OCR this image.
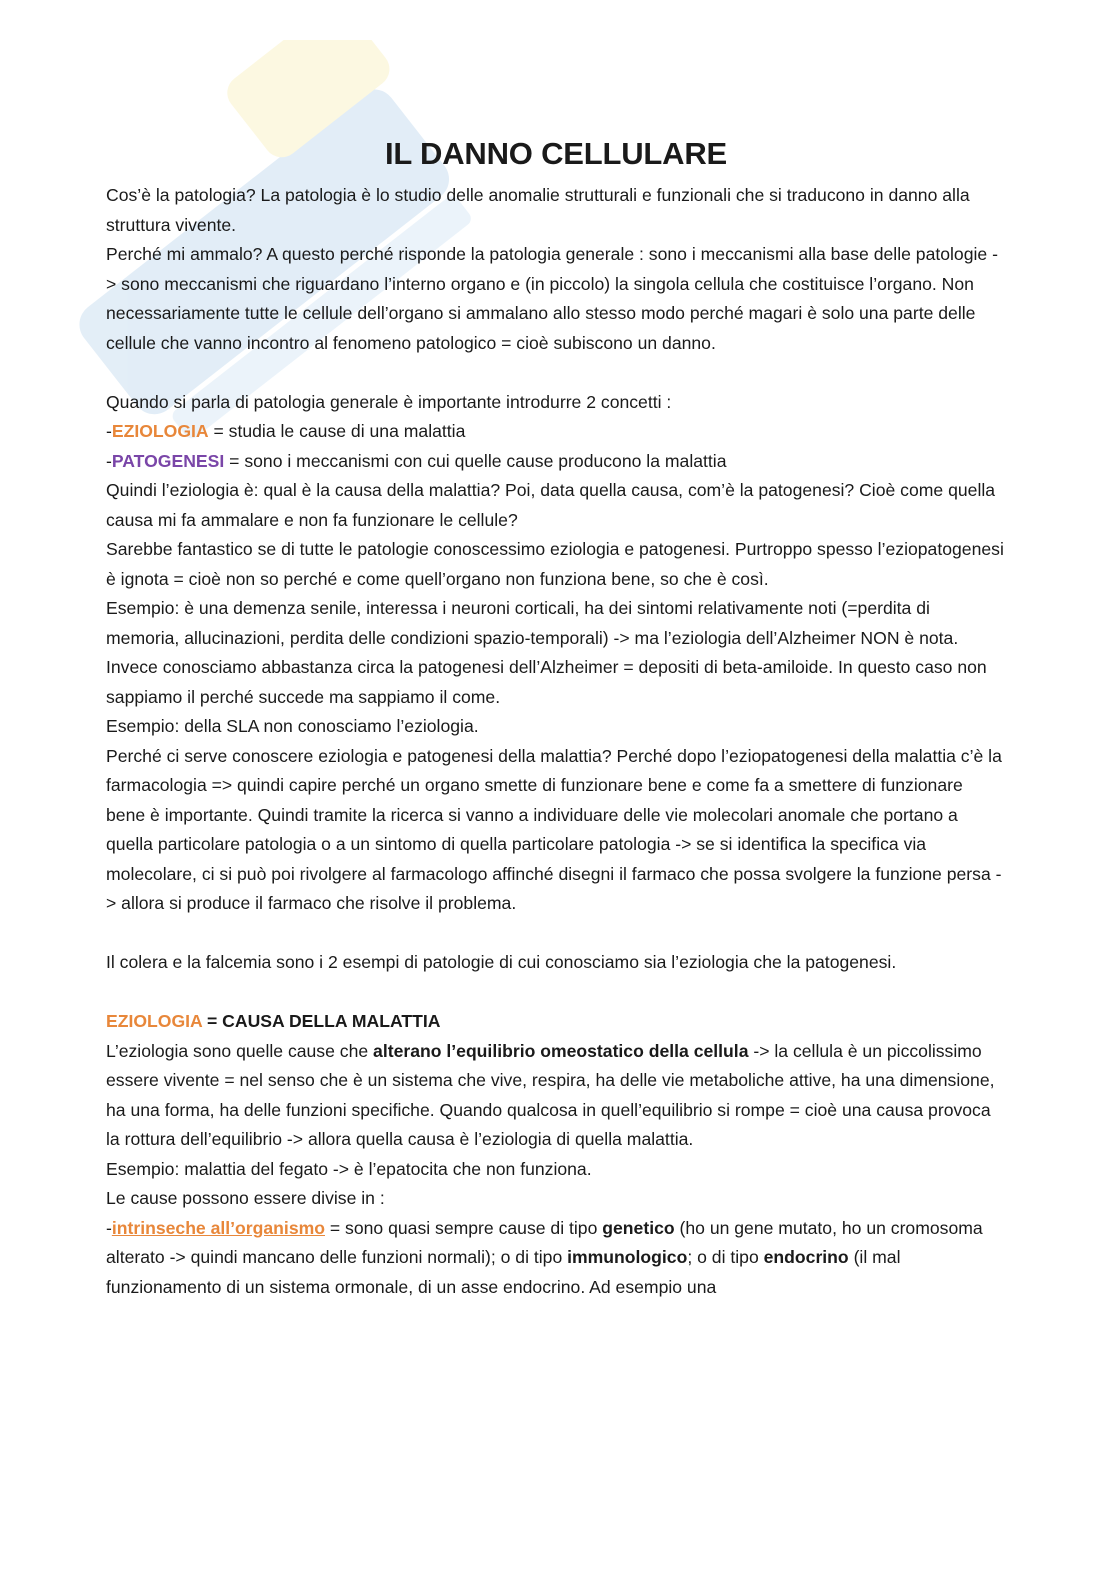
IL DANNO CELLULARE

Cos’è la patologia? La patologia è lo studio delle anomalie strutturali e funzionali che si traducono in danno alla struttura vivente.

Perché mi ammalo? A questo perché risponde la patologia generale : sono i meccanismi alla base delle patologie -> sono meccanismi che riguardano l’interno organo e (in piccolo) la singola cellula che costituisce l’organo. Non necessariamente tutte le cellule dell’organo si ammalano allo stesso modo perché magari è solo una parte delle cellule che vanno incontro al fenomeno patologico = cioè subiscono un danno.

Quando si parla di patologia generale è importante introdurre 2 concetti :

-EZIOLOGIA = studia le cause di una malattia

-PATOGENESI = sono i meccanismi con cui quelle cause producono la malattia

Quindi l’eziologia è: qual è la causa della malattia? Poi, data quella causa, com’è la patogenesi? Cioè come quella causa mi fa ammalare e non fa funzionare le cellule?

Sarebbe fantastico se di tutte le patologie conoscessimo eziologia e patogenesi. Purtroppo spesso l’eziopatogenesi è ignota = cioè non so perché e come quell’organo non funziona bene, so che è così.

Esempio: è una demenza senile, interessa i neuroni corticali, ha dei sintomi relativamente noti (=perdita di memoria, allucinazioni, perdita delle condizioni spazio-temporali) -> ma l’eziologia dell’Alzheimer NON è nota. Invece conosciamo abbastanza circa la patogenesi dell’Alzheimer = depositi di beta-amiloide. In questo caso non sappiamo il perché succede ma sappiamo il come.

Esempio: della SLA non conosciamo l’eziologia.

Perché ci serve conoscere eziologia e patogenesi della malattia? Perché dopo l’eziopatogenesi della malattia c’è la farmacologia => quindi capire perché un organo smette di funzionare bene e come fa a smettere di funzionare bene è importante. Quindi tramite la ricerca si vanno a individuare delle vie molecolari anomale che portano a quella particolare patologia o a un sintomo di quella particolare patologia -> se si identifica la specifica via molecolare, ci si può poi rivolgere al farmacologo affinché disegni il farmaco che possa svolgere la funzione persa -> allora si produce il farmaco che risolve il problema.

Il colera e la falcemia sono i 2 esempi di patologie di cui conosciamo sia l’eziologia che la patogenesi.

EZIOLOGIA = CAUSA DELLA MALATTIA

L’eziologia sono quelle cause che alterano l’equilibrio omeostatico della cellula -> la cellula è un piccolissimo essere vivente = nel senso che è un sistema che vive, respira, ha delle vie metaboliche attive, ha una dimensione, ha una forma, ha delle funzioni specifiche. Quando qualcosa in quell’equilibrio si rompe = cioè una causa provoca la rottura dell’equilibrio -> allora quella causa è l’eziologia di quella malattia.

Esempio: malattia del fegato -> è l’epatocita che non funziona.

Le cause possono essere divise in :

-intrinseche all’organismo = sono quasi sempre cause di tipo genetico (ho un gene mutato, ho un cromosoma alterato -> quindi mancano delle funzioni normali); o di tipo immunologico; o di tipo endocrino (il mal funzionamento di un sistema ormonale, di un asse endocrino. Ad esempio una
